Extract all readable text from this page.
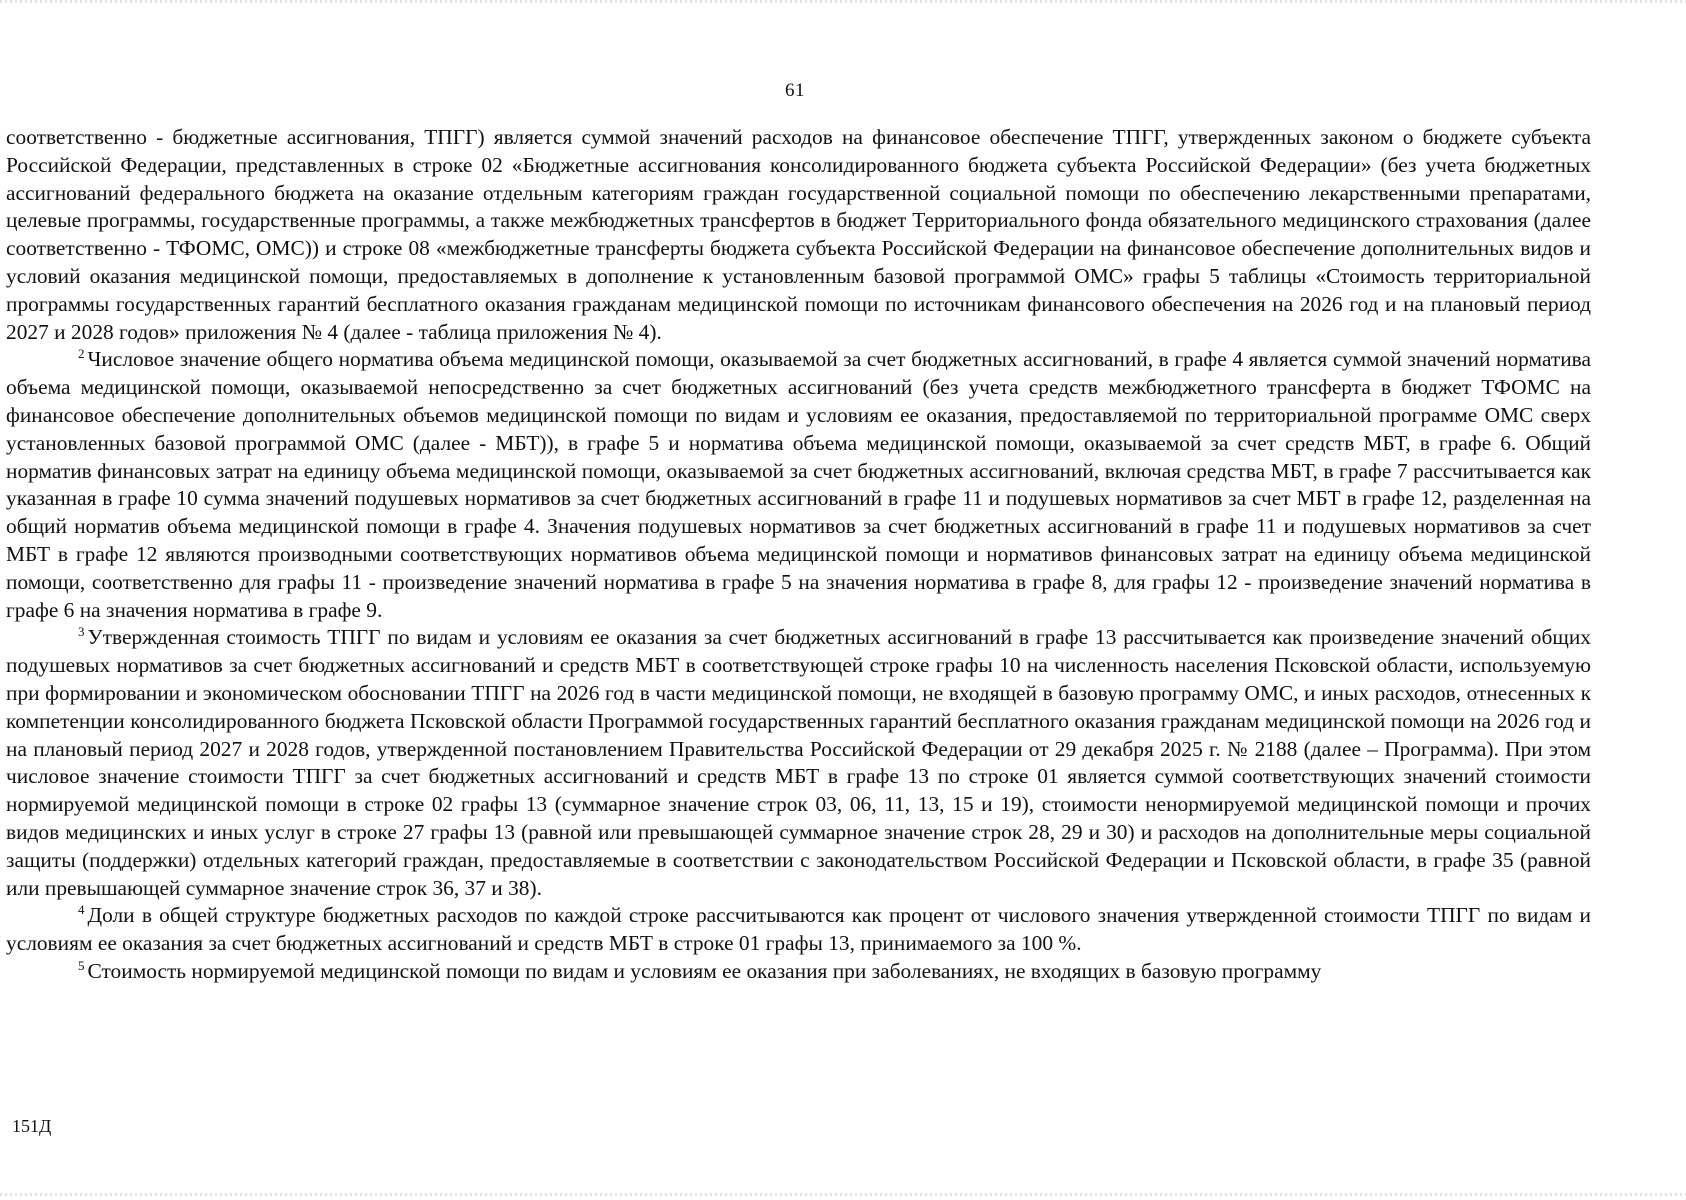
61

соответственно - бюджетные ассигнования, ТПГГ) является суммой значений расходов на финансовое обеспечение ТПГГ, утвержденных законом о бюджете субъекта Российской Федерации, представленных в строке 02 «Бюджетные ассигнования консолидированного бюджета субъекта Российской Федерации» (без учета бюджетных ассигнований федерального бюджета на оказание отдельным категориям граждан государственной социальной помощи по обеспечению лекарственными препаратами, целевые программы, государственные программы, а также межбюджетных трансфертов в бюджет Территориального фонда обязательного медицинского страхования (далее соответственно - ТФОМС, ОМС)) и строке 08 «межбюджетные трансферты бюджета субъекта Российской Федерации на финансовое обеспечение дополнительных видов и условий оказания медицинской помощи, предоставляемых в дополнение к установленным базовой программой ОМС» графы 5 таблицы «Стоимость территориальной программы государственных гарантий бесплатного оказания гражданам медицинской помощи по источникам финансового обеспечения на 2026 год и на плановый период 2027 и 2028 годов» приложения № 4 (далее - таблица приложения № 4).

$^2$ Числовое значение общего норматива объема медицинской помощи, оказываемой за счет бюджетных ассигнований, в графе 4 является суммой значений норматива объема медицинской помощи, оказываемой непосредственно за счет бюджетных ассигнований (без учета средств межбюджетного трансферта в бюджет ТФОМС на финансовое обеспечение дополнительных объемов медицинской помощи по видам и условиям ее оказания, предоставляемой по территориальной программе ОМС сверх установленных базовой программой ОМС (далее - МБТ)), в графе 5 и норматива объема медицинской помощи, оказываемой за счет средств МБТ, в графе 6. Общий норматив финансовых затрат на единицу объема медицинской помощи, оказываемой за счет бюджетных ассигнований, включая средства МБТ, в графе 7 рассчитывается как указанная в графе 10 сумма значений подушевых нормативов за счет бюджетных ассигнований в графе 11 и подушевых нормативов за счет МБТ в графе 12, разделенная на общий норматив объема медицинской помощи в графе 4. Значения подушевых нормативов за счет бюджетных ассигнований в графе 11 и подушевых нормативов за счет МБТ в графе 12 являются производными соответствующих нормативов объема медицинской помощи и нормативов финансовых затрат на единицу объема медицинской помощи, соответственно для графы 11 - произведение значений норматива в графе 5 на значения норматива в графе 8, для графы 12 - произведение значений норматива в графе 6 на значения норматива в графе 9.

$^3$ Утвержденная стоимость ТПГГ по видам и условиям ее оказания за счет бюджетных ассигнований в графе 13 рассчитывается как произведение значений общих подушевых нормативов за счет бюджетных ассигнований и средств МБТ в соответствующей строке графы 10 на численность населения Псковской области, используемую при формировании и экономическом обосновании ТПГГ на 2026 год в части медицинской помощи, не входящей в базовую программу ОМС, и иных расходов, отнесенных к компетенции консолидированного бюджета Псковской области Программой государственных гарантий бесплатного оказания гражданам медицинской помощи на 2026 год и на плановый период 2027 и 2028 годов, утвержденной постановлением Правительства Российской Федерации от 29 декабря 2025 г. № 2188 (далее – Программа). При этом числовое значение стоимости ТПГГ за счет бюджетных ассигнований и средств МБТ в графе 13 по строке 01 является суммой соответствующих значений стоимости нормируемой медицинской помощи в строке 02 графы 13 (суммарное значение строк 03, 06, 11, 13, 15 и 19), стоимости ненормируемой медицинской помощи и прочих видов медицинских и иных услуг в строке 27 графы 13 (равной или превышающей суммарное значение строк 28, 29 и 30) и расходов на дополнительные меры социальной защиты (поддержки) отдельных категорий граждан, предоставляемые в соответствии с законодательством Российской Федерации и Псковской области, в графе 35 (равной или превышающей суммарное значение строк 36, 37 и 38).

$^4$ Доли в общей структуре бюджетных расходов по каждой строке рассчитываются как процент от числового значения утвержденной стоимости ТПГГ по видам и условиям ее оказания за счет бюджетных ассигнований и средств МБТ в строке 01 графы 13, принимаемого за 100 %.

$^5$ Стоимость нормируемой медицинской помощи по видам и условиям ее оказания при заболеваниях, не входящих в базовую программу

151Д
